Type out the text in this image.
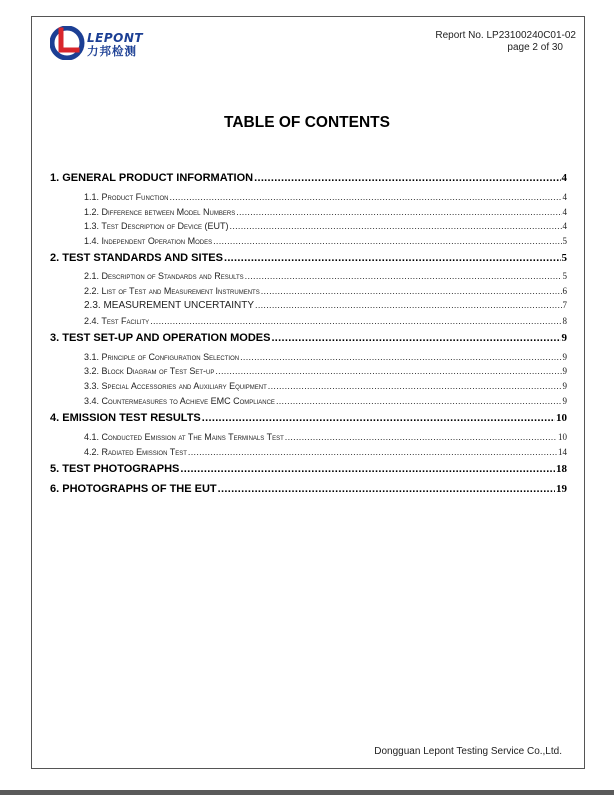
LEPONT
力邦检测
Report No. LP23100240C01-02
page 2 of 30
TABLE OF CONTENTS
1. GENERAL PRODUCT INFORMATION .....	4
1.1. Product Function .....	4
1.2. Difference between Model Numbers .....	4
1.3. Test Description of Device (EUT) .....	4
1.4. Independent Operation Modes .....	5
2. TEST STANDARDS AND SITES .....	5
2.1. Description of Standards and Results .....	5
2.2. List of Test and Measurement Instruments .....	6
2.3. MEASUREMENT UNCERTAINTY .....	7
2.4. Test Facility .....	8
3. TEST SET-UP AND OPERATION MODES .....	9
3.1. Principle of Configuration Selection .....	9
3.2. Block Diagram of Test Set-up .....	9
3.3. Special Accessories and Auxiliary Equipment .....	9
3.4. Countermeasures to Achieve EMC Compliance .....	9
4. EMISSION TEST RESULTS .....	10
4.1. Conducted Emission at The Mains Terminals Test .....	10
4.2. Radiated Emission Test .....	14
5. TEST PHOTOGRAPHS .....	18
6. PHOTOGRAPHS OF THE EUT .....	19
Dongguan Lepont Testing Service Co.,Ltd.
